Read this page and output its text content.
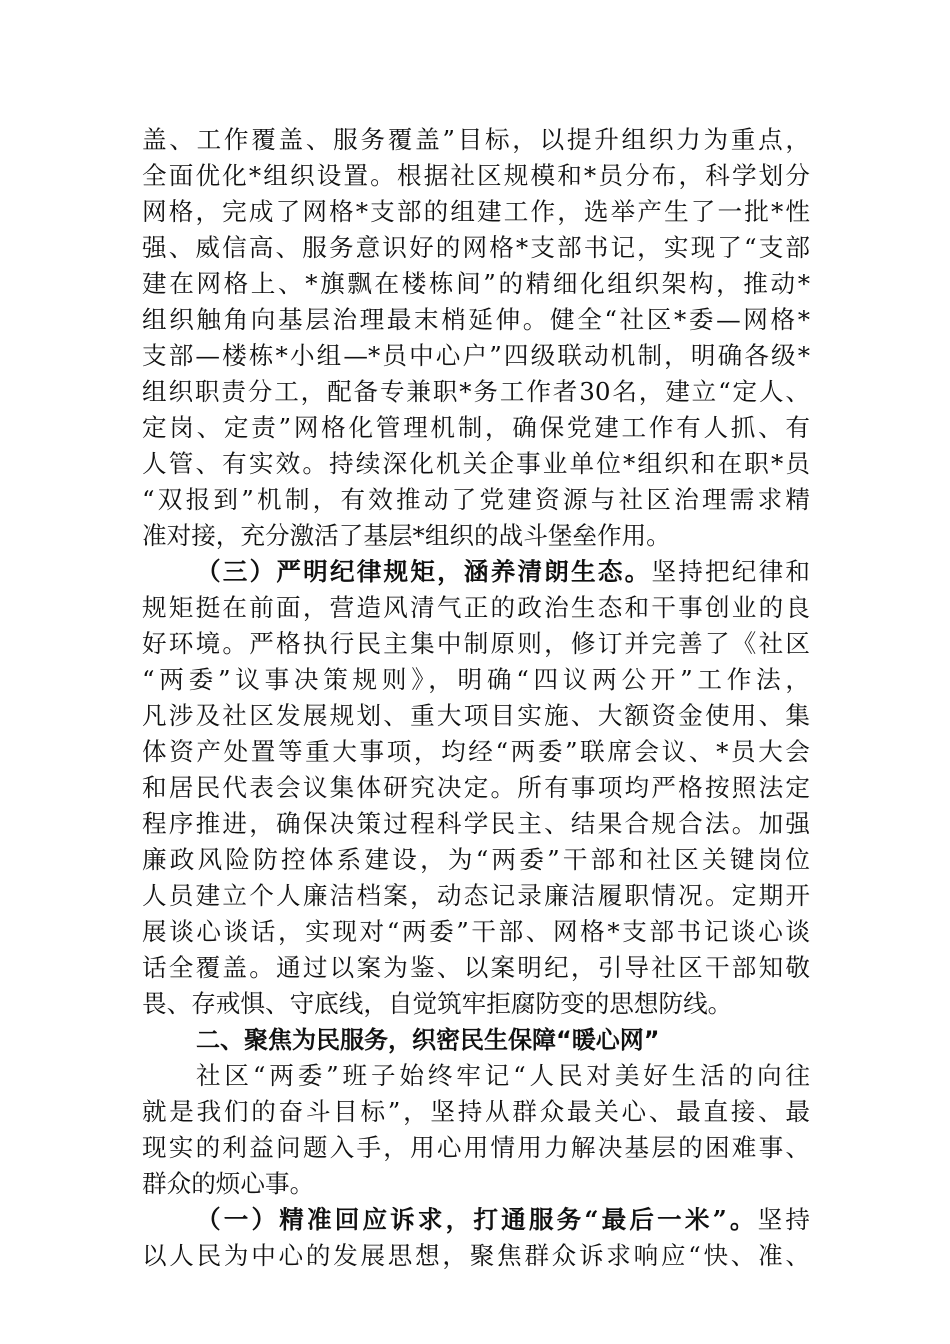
盖、工作覆盖、服务覆盖”目标，以提升组织力为重点，
全面优化*组织设置。根据社区规模和*员分布，科学划分
网格，完成了网格*支部的组建工作，选举产生了一批*性
强、威信高、服务意识好的网格*支部书记，实现了“支部
建在网格上、*旗飘在楼栋间”的精细化组织架构，推动*
组织触角向基层治理最末梢延伸。健全“社区*委—网格*
支部—楼栋*小组—*员中心户”四级联动机制，明确各级*
组织职责分工，配备专兼职*务工作者30名，建立“定人、
定岗、定责”网格化管理机制，确保党建工作有人抓、有
人管、有实效。持续深化机关企事业单位*组织和在职*员
“双报到”机制，有效推动了党建资源与社区治理需求精
准对接，充分激活了基层*组织的战斗堡垒作用。
（三）严明纪律规矩，涵养清朗生态。坚持把纪律和
规矩挺在前面，营造风清气正的政治生态和干事创业的良
好环境。严格执行民主集中制原则，修订并完善了《社区
“两委”议事决策规则》，明确“四议两公开”工作法，
凡涉及社区发展规划、重大项目实施、大额资金使用、集
体资产处置等重大事项，均经“两委”联席会议、*员大会
和居民代表会议集体研究决定。所有事项均严格按照法定
程序推进，确保决策过程科学民主、结果合规合法。加强
廉政风险防控体系建设，为“两委”干部和社区关键岗位
人员建立个人廉洁档案，动态记录廉洁履职情况。定期开
展谈心谈话，实现对“两委”干部、网格*支部书记谈心谈
话全覆盖。通过以案为鉴、以案明纪，引导社区干部知敬
畏、存戒惧、守底线，自觉筑牢拒腐防变的思想防线。
二、聚焦为民服务，织密民生保障“暖心网”
社区“两委”班子始终牢记“人民对美好生活的向往
就是我们的奋斗目标”，坚持从群众最关心、最直接、最
现实的利益问题入手，用心用情用力解决基层的困难事、
群众的烦心事。
（一）精准回应诉求，打通服务“最后一米”。坚持
以人民为中心的发展思想，聚焦群众诉求响应“快、准、
